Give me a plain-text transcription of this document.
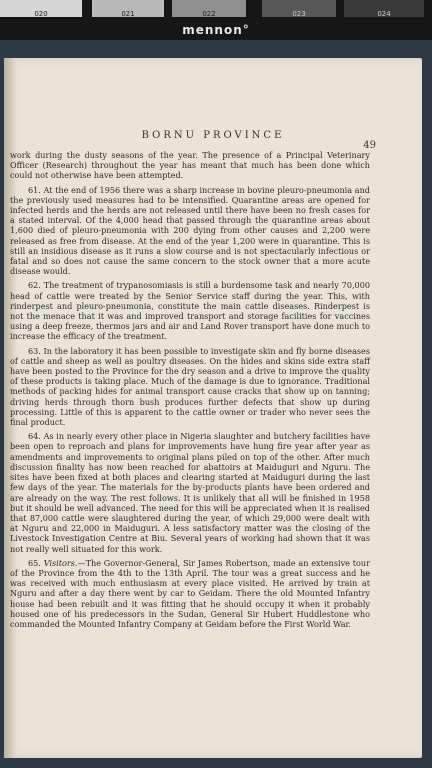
020	021	022	023	024
mennon°
BORNU PROVINCE
49

work during the dusty seasons of the year. The presence of a Principal Veterinary Officer (Research) throughout the year has meant that much has been done which could not otherwise have been attempted.

61. At the end of 1956 there was a sharp increase in bovine pleuro-pneumonia and the previously used measures had to be intensified. Quarantine areas are opened for infected herds and the herds are not released until there have been no fresh cases for a stated interval. Of the 4,000 head that passed through the quarantine areas about 1,600 died of pleuro-pneumonia with 200 dying from other causes and 2,200 were released as free from disease. At the end of the year 1,200 were in quarantine. This is still an insidious disease as it runs a slow course and is not spectacularly infectious or fatal and so does not cause the same concern to the stock owner that a more acute disease would.

62. The treatment of trypanosomiasis is still a burdensome task and nearly 70,000 head of cattle were treated by the Senior Service staff during the year. This, with rinderpest and pleuro-pneumonia, constitute the main cattle diseases. Rinderpest is not the menace that it was and improved transport and storage facilities for vaccines using a deep freeze, thermos jars and air and Land Rover transport have done much to increase the efficacy of the treatment.

63. In the laboratory it has been possible to investigate skin and fly borne diseases of cattle and sheep as well as poultry diseases. On the hides and skins side extra staff have been posted to the Province for the dry season and a drive to improve the quality of these products is taking place. Much of the damage is due to ignorance. Traditional methods of packing hides for animal transport cause cracks that show up on tanning; driving herds through thorn bush produces further defects that show up during processing. Little of this is apparent to the cattle owner or trader who never sees the final product.

64. As in nearly every other place in Nigeria slaughter and butchery facilities have been open to reproach and plans for improvements have hung fire year after year as amendments and improvements to original plans piled on top of the other. After much discussion finality has now been reached for abattoirs at Maiduguri and Nguru. The sites have been fixed at both places and clearing started at Maiduguri during the last few days of the year. The materials for the by-products plants have been ordered and are already on the way. The rest follows. It is unlikely that all will be finished in 1958 but it should be well advanced. The need for this will be appreciated when it is realised that 87,000 cattle were slaughtered during the year, of which 29,000 were dealt with at Nguru and 22,000 in Maiduguri. A less satisfactory matter was the closing of the Livestock Investigation Centre at Biu. Several years of working had shown that it was not really well situated for this work.

65. Visitors.—The Governor-General, Sir James Robertson, made an extensive tour of the Province from the 4th to the 13th April. The tour was a great success and he was received with much enthusiasm at every place visited. He arrived by train at Nguru and after a day there went by car to Geidam. There the old Mounted Infantry house had been rebuilt and it was fitting that he should occupy it when it probably housed one of his predecessors in the Sudan, General Sir Hubert Huddlestone who commanded the Mounted Infantry Company at Geidam before the First World War.
